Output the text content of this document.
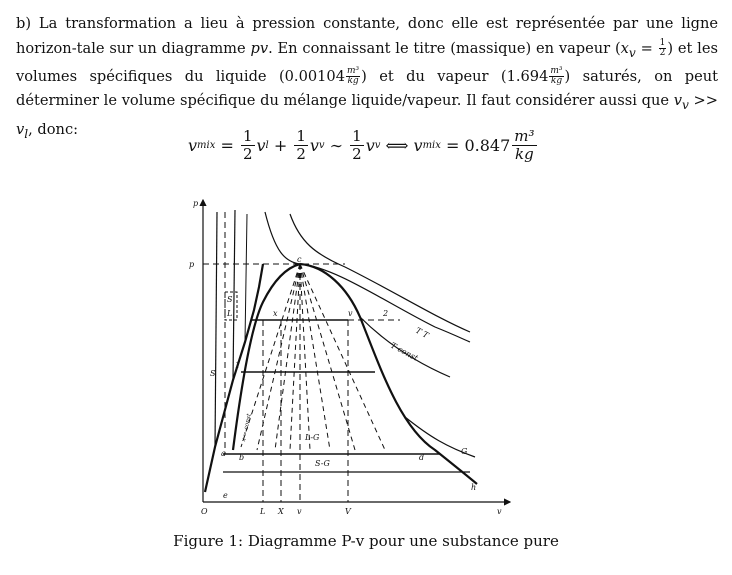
b) La transformation a lieu à pression constante, donc elle est représentée par une ligne horizon-tale sur un diagramme pv. En connaissant le titre (massique) en vapeur ($x_v = \frac{1}{2}$ ) et les volumes spécifiques du liquide ($0.00104 \frac{\text{m³}}{kg}$ ) et du vapeur ($1.694 \frac{\text{m³}}{kg}$ ) saturés, on peut déterminer le volume spécifique du mélange liquide/vapeur. Il faut considérer aussi que $v_v >> v_l$, donc:

v mix = $\frac{1}{2}$ v $l + \frac{1}{2}$ v v ∼ $\frac{1}{2}$ v v ⟺ v mix = $0.847 \frac{\text{m³}}{kg}$
p
p
v
O	L X v	V
S
S
L	x	v	2
1
T T
T const
L-G
S-G
G
a b
c
d
h
e
x = const
Figure 1: Diagramme P-v pour une substance pure
